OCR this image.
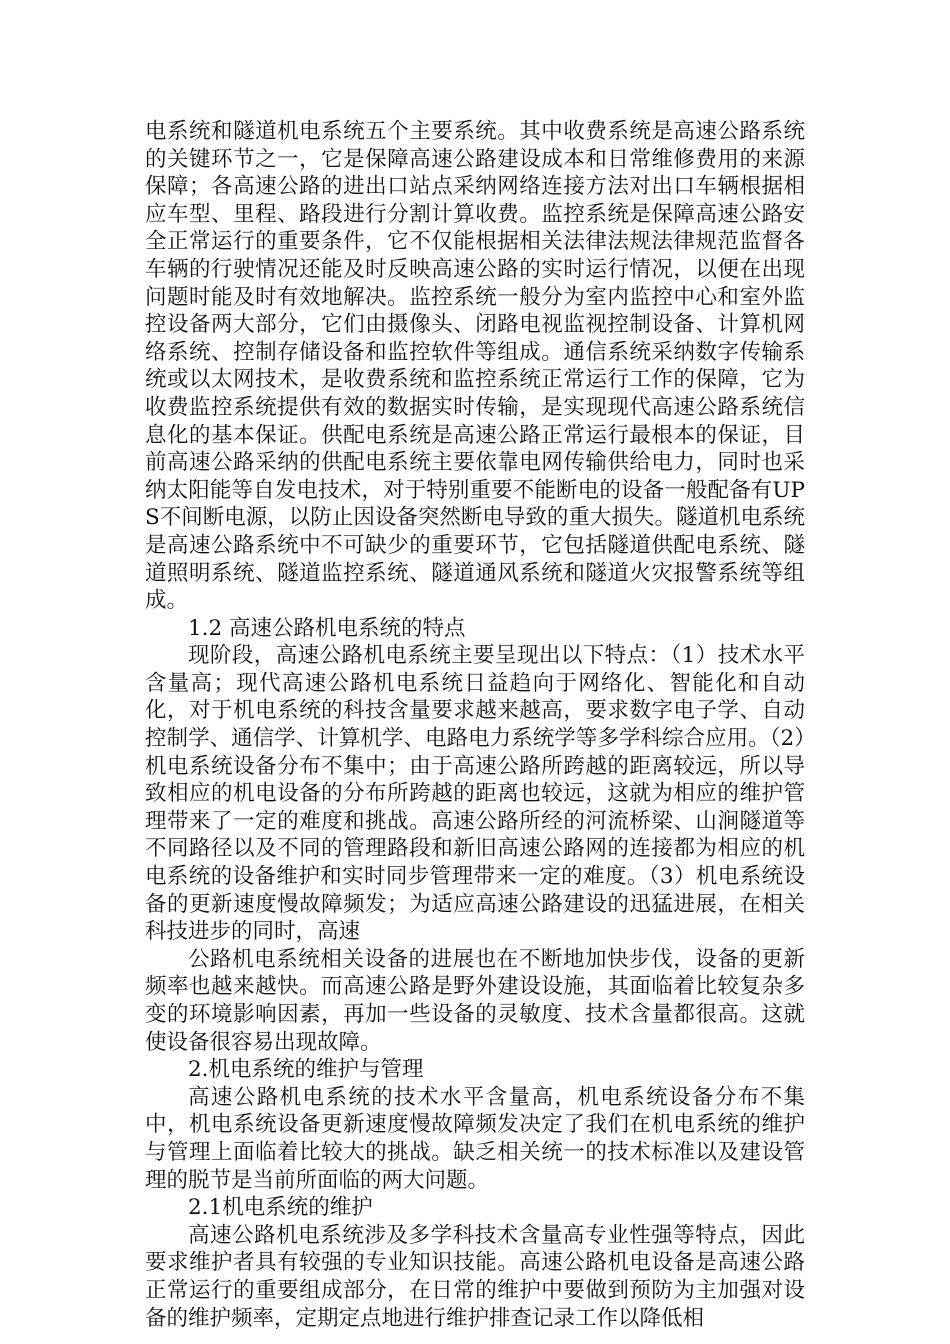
电系统和隧道机电系统五个主要系统。其中收费系统是高速公路系统的关键环节之一，它是保障高速公路建设成本和日常维修费用的来源保障；各高速公路的进出口站点采纳网络连接方法对出口车辆根据相应车型、里程、路段进行分割计算收费。监控系统是保障高速公路安全正常运行的重要条件，它不仅能根据相关法律法规法律规范监督各车辆的行驶情况还能及时反映高速公路的实时运行情况，以便在出现问题时能及时有效地解决。监控系统一般分为室内监控中心和室外监控设备两大部分，它们由摄像头、闭路电视监视控制设备、计算机网络系统、控制存储设备和监控软件等组成。通信系统采纳数字传输系统或以太网技术，是收费系统和监控系统正常运行工作的保障，它为收费监控系统提供有效的数据实时传输，是实现现代高速公路系统信息化的基本保证。供配电系统是高速公路正常运行最根本的保证，目前高速公路采纳的供配电系统主要依靠电网传输供给电力，同时也采纳太阳能等自发电技术，对于特别重要不能断电的设备一般配备有UPS不间断电源，以防止因设备突然断电导致的重大损失。隧道机电系统是高速公路系统中不可缺少的重要环节，它包括隧道供配电系统、隧道照明系统、隧道监控系统、隧道通风系统和隧道火灾报警系统等组成。

1.2 高速公路机电系统的特点

现阶段，高速公路机电系统主要呈现出以下特点：（1）技术水平含量高；现代高速公路机电系统日益趋向于网络化、智能化和自动化，对于机电系统的科技含量要求越来越高，要求数字电子学、自动控制学、通信学、计算机学、电路电力系统学等多学科综合应用。（2）机电系统设备分布不集中；由于高速公路所跨越的距离较远，所以导致相应的机电设备的分布所跨越的距离也较远，这就为相应的维护管理带来了一定的难度和挑战。高速公路所经的河流桥梁、山涧隧道等不同路径以及不同的管理路段和新旧高速公路网的连接都为相应的机电系统的设备维护和实时同步管理带来一定的难度。（3）机电系统设备的更新速度慢故障频发；为适应高速公路建设的迅猛进展，在相关科技进步的同时，高速

公路机电系统相关设备的进展也在不断地加快步伐，设备的更新频率也越来越快。而高速公路是野外建设设施，其面临着比较复杂多变的环境影响因素，再加一些设备的灵敏度、技术含量都很高。这就使设备很容易出现故障。

2.机电系统的维护与管理

高速公路机电系统的技术水平含量高，机电系统设备分布不集中，机电系统设备更新速度慢故障频发决定了我们在机电系统的维护与管理上面临着比较大的挑战。缺乏相关统一的技术标准以及建设管理的脱节是当前所面临的两大问题。

2.1机电系统的维护

高速公路机电系统涉及多学科技术含量高专业性强等特点，因此要求维护者具有较强的专业知识技能。高速公路机电设备是高速公路正常运行的重要组成部分，在日常的维护中要做到预防为主加强对设备的维护频率，定期定点地进行维护排查记录工作以降低相
